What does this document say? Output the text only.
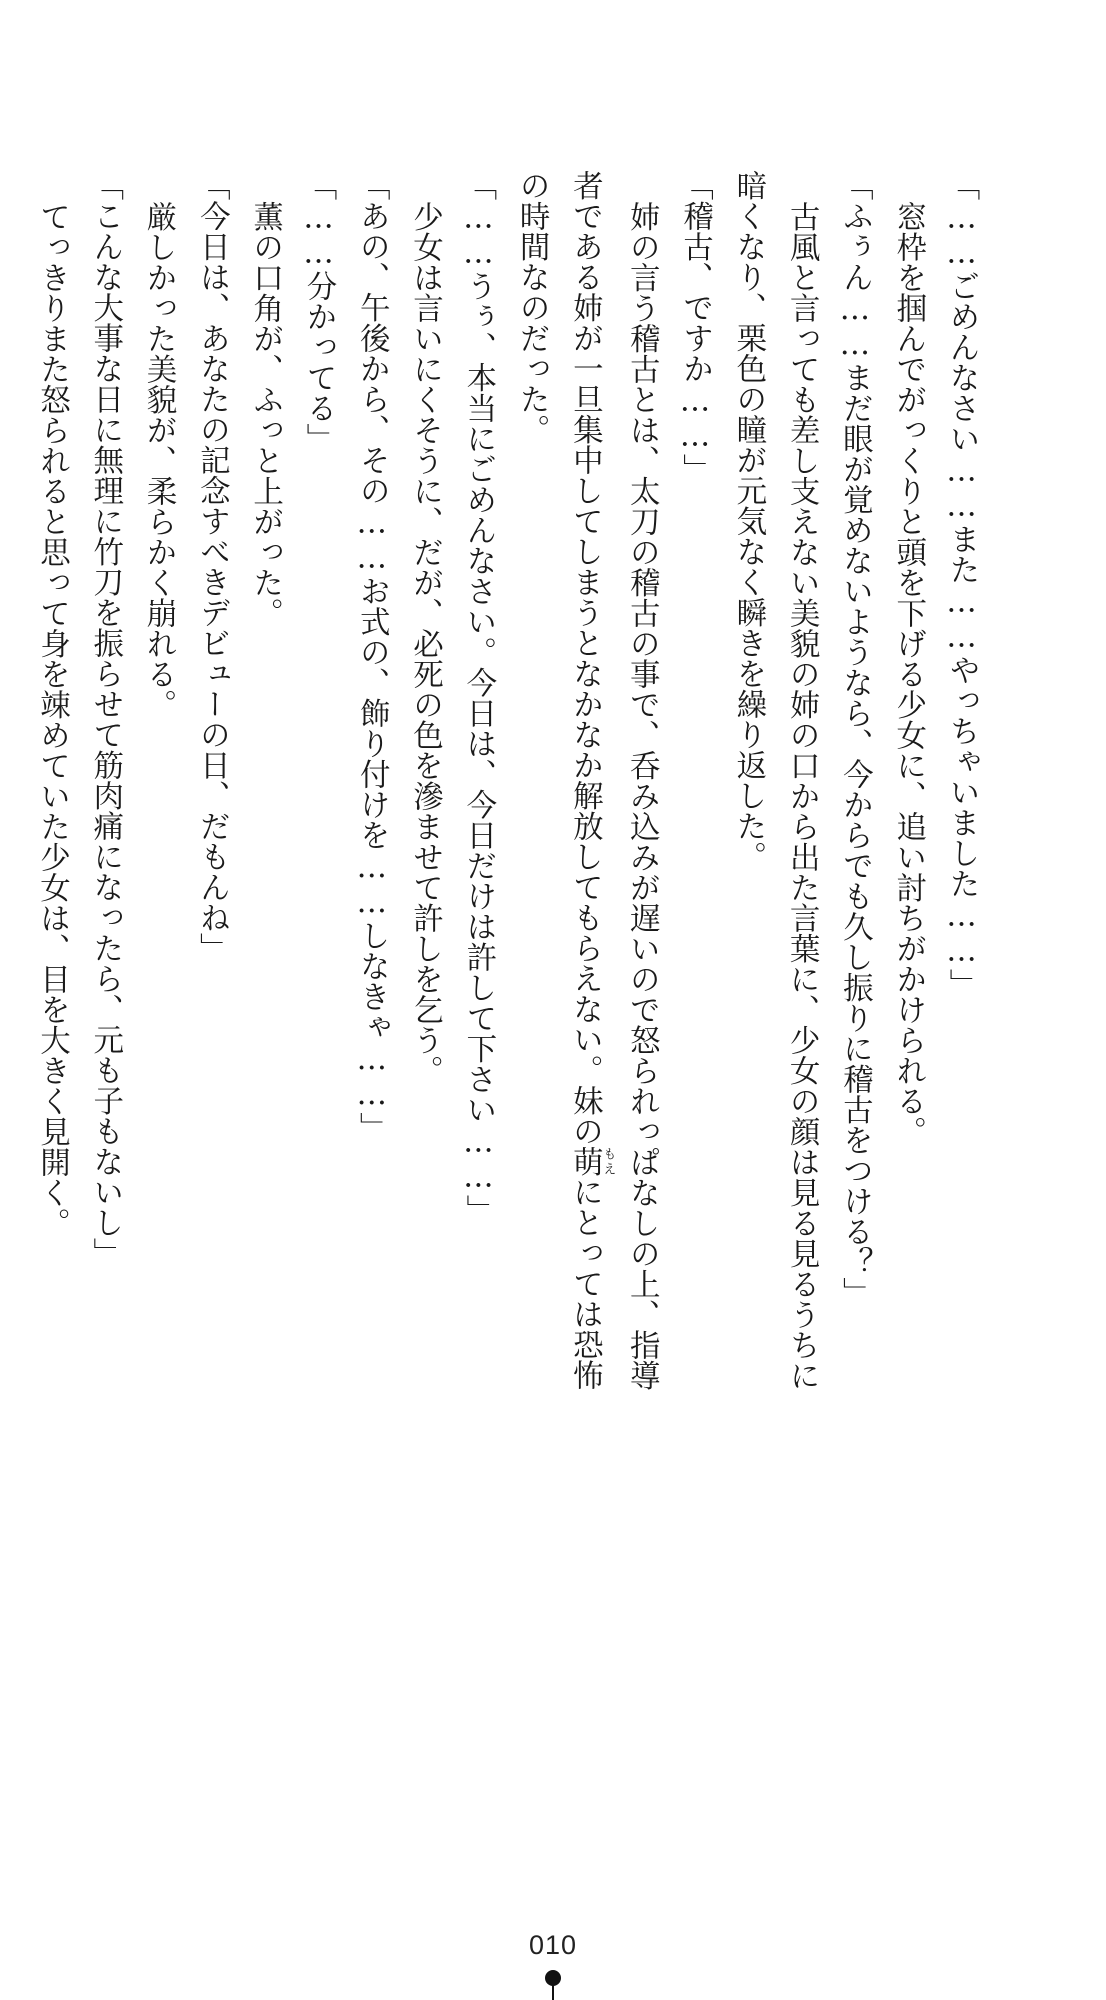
「……ごめんなさい……また……やっちゃいました……」
窓枠を掴んでがっくりと頭を下げる少女に、追い討ちがかけられる。
「ふぅん……まだ眼が覚めないようなら、今からでも久し振りに稽古をつける？」
古風と言っても差し支えない美貌の姉の口から出た言葉に、少女の顔は見る見るうちに
暗くなり、栗色の瞳が元気なく瞬きを繰り返した。
「稽古、ですか……」
姉の言う稽古とは、太刀の稽古の事で、呑み込みが遅いので怒られっぱなしの上、指導
者である姉が一旦集中してしまうとなかなか解放してもらえない。妹の萌もえにとっては恐怖
の時間なのだった。
「……うぅ、本当にごめんなさい。今日は、今日だけは許して下さい……」
少女は言いにくそうに、だが、必死の色を滲ませて許しを乞う。
「あの、午後から、その……お式の、飾り付けを……しなきゃ……」
「……分かってる」
薫の口角が、ふっと上がった。
「今日は、あなたの記念すべきデビューの日、だもんね」
厳しかった美貌が、柔らかく崩れる。
「こんな大事な日に無理に竹刀を振らせて筋肉痛になったら、元も子もないし」
てっきりまた怒られると思って身を竦めていた少女は、目を大きく見開く。
010
